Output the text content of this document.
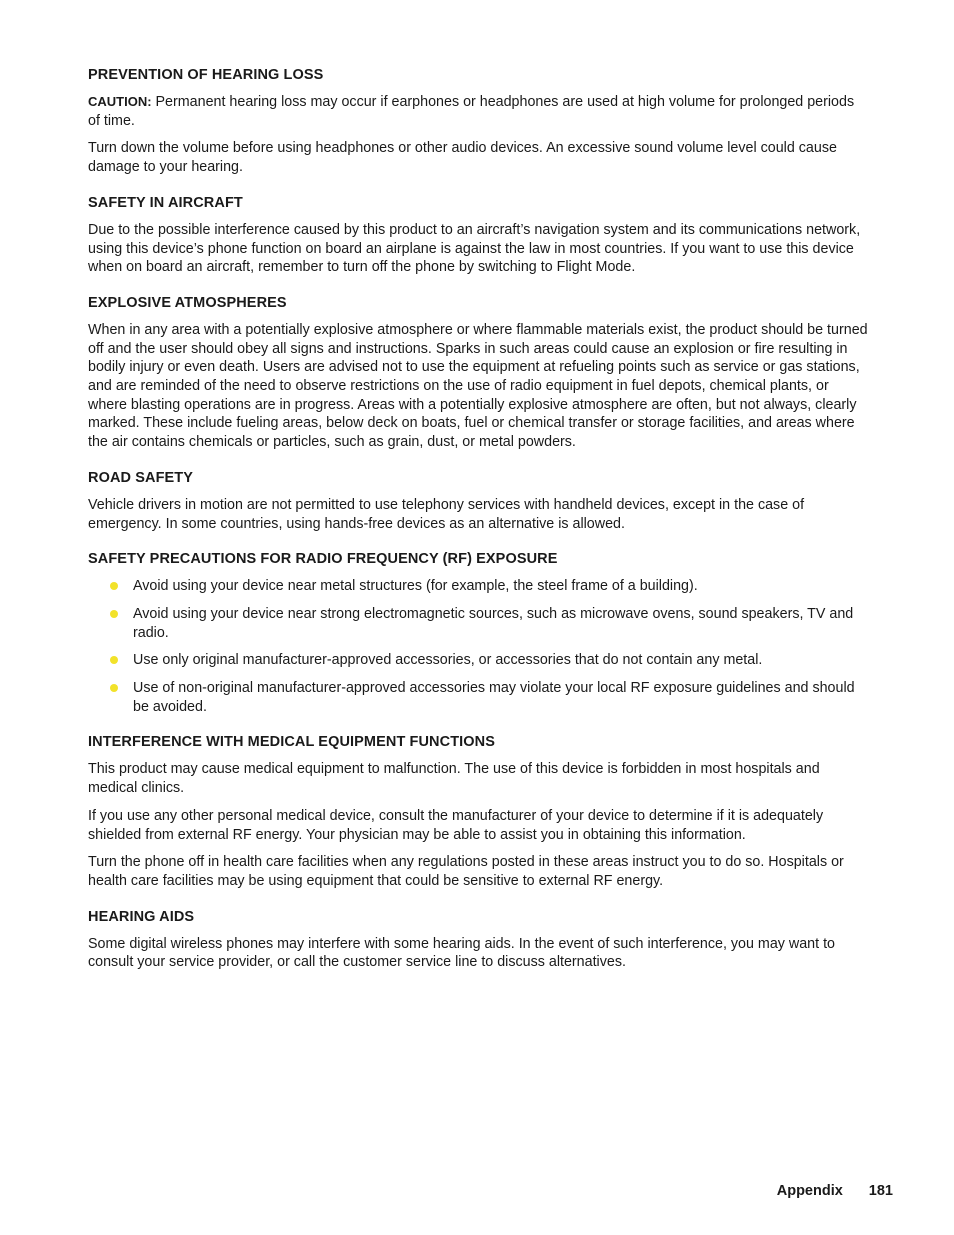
PREVENTION OF HEARING LOSS

CAUTION: Permanent hearing loss may occur if earphones or headphones are used at high volume for prolonged periods of time.

Turn down the volume before using headphones or other audio devices. An excessive sound volume level could cause damage to your hearing.

SAFETY IN AIRCRAFT

Due to the possible interference caused by this product to an aircraft’s navigation system and its communications network, using this device’s phone function on board an airplane is against the law in most countries. If you want to use this device when on board an aircraft, remember to turn off the phone by switching to Flight Mode.

EXPLOSIVE ATMOSPHERES

When in any area with a potentially explosive atmosphere or where flammable materials exist, the product should be turned off and the user should obey all signs and instructions. Sparks in such areas could cause an explosion or fire resulting in bodily injury or even death. Users are advised not to use the equipment at refueling points such as service or gas stations, and are reminded of the need to observe restrictions on the use of radio equipment in fuel depots, chemical plants, or where blasting operations are in progress. Areas with a potentially explosive atmosphere are often, but not always, clearly marked. These include fueling areas, below deck on boats, fuel or chemical transfer or storage facilities, and areas where the air contains chemicals or particles, such as grain, dust, or metal powders.

ROAD SAFETY

Vehicle drivers in motion are not permitted to use telephony services with handheld devices, except in the case of emergency. In some countries, using hands-free devices as an alternative is allowed.

SAFETY PRECAUTIONS FOR RADIO FREQUENCY (RF) EXPOSURE
Avoid using your device near metal structures (for example, the steel frame of a building).
Avoid using your device near strong electromagnetic sources, such as microwave ovens, sound speakers, TV and radio.
Use only original manufacturer-approved accessories, or accessories that do not contain any metal.
Use of non-original manufacturer-approved accessories may violate your local RF exposure guidelines and should be avoided.
INTERFERENCE WITH MEDICAL EQUIPMENT FUNCTIONS

This product may cause medical equipment to malfunction. The use of this device is forbidden in most hospitals and medical clinics.

If you use any other personal medical device, consult the manufacturer of your device to determine if it is adequately shielded from external RF energy. Your physician may be able to assist you in obtaining this information.

Turn the phone off in health care facilities when any regulations posted in these areas instruct you to do so. Hospitals or health care facilities may be using equipment that could be sensitive to external RF energy.

HEARING AIDS

Some digital wireless phones may interfere with some hearing aids. In the event of such interference, you may want to consult your service provider, or call the customer service line to discuss alternatives.

Appendix 181
